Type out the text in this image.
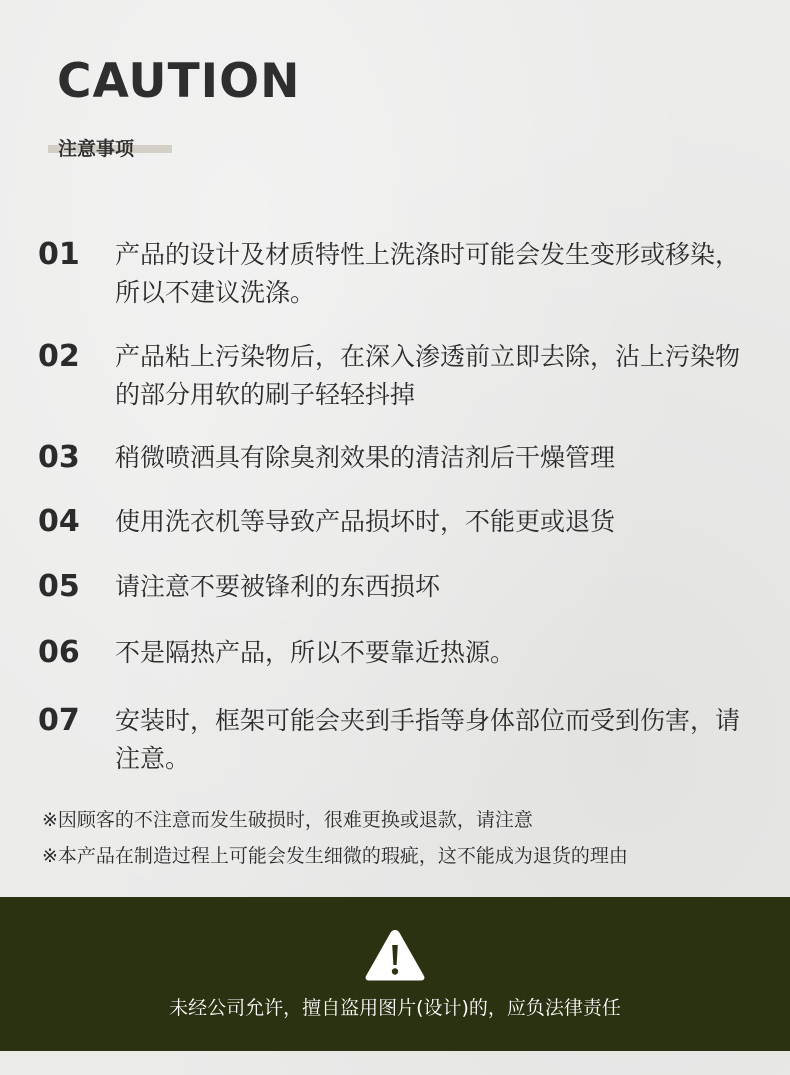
CAUTION
注意事项
01 产品的设计及材质特性上洗涤时可能会发生变形或移染，所以不建议洗涤。
02 产品粘上污染物后，在深入渗透前立即去除，沾上污染物的部分用软的刷子轻轻抖掉
03 稍微喷洒具有除臭剂效果的清洁剂后干燥管理
04 使用洗衣机等导致产品损坏时，不能更或退货
05 请注意不要被锋利的东西损坏
06 不是隔热产品，所以不要靠近热源。
07 安装时，框架可能会夹到手指等身体部位而受到伤害，请注意。
※因顾客的不注意而发生破损时，很难更换或退款，请注意
※本产品在制造过程上可能会发生细微的瑕疵，这不能成为退货的理由
未经公司允许，擅自盗用图片(设计)的，应负法律责任
